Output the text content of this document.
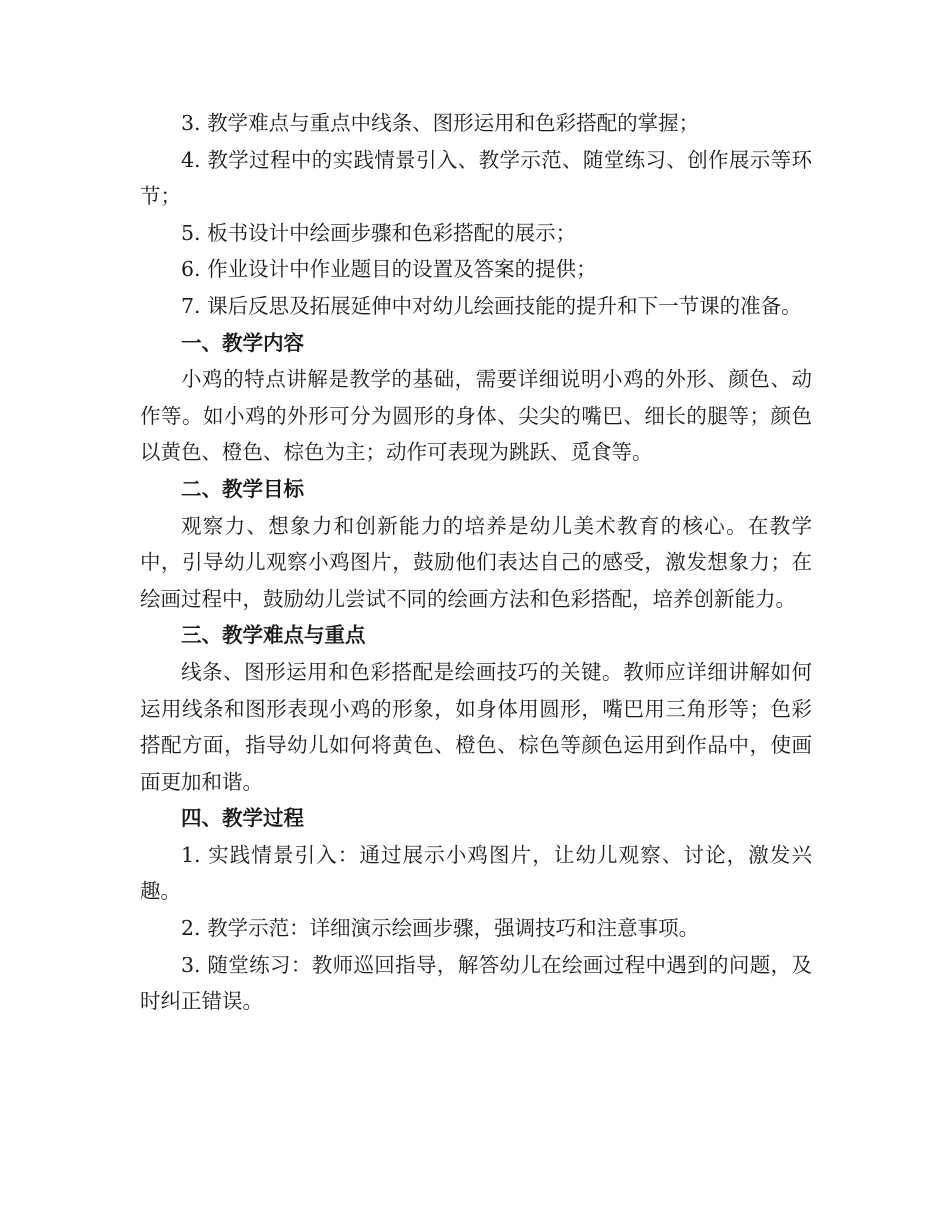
3. 教学难点与重点中线条、图形运用和色彩搭配的掌握；

4. 教学过程中的实践情景引入、教学示范、随堂练习、创作展示等环节；

5. 板书设计中绘画步骤和色彩搭配的展示；

6. 作业设计中作业题目的设置及答案的提供；

7. 课后反思及拓展延伸中对幼儿绘画技能的提升和下一节课的准备。

一、教学内容

小鸡的特点讲解是教学的基础，需要详细说明小鸡的外形、颜色、动作等。如小鸡的外形可分为圆形的身体、尖尖的嘴巴、细长的腿等；颜色以黄色、橙色、棕色为主；动作可表现为跳跃、觅食等。

二、教学目标

观察力、想象力和创新能力的培养是幼儿美术教育的核心。在教学中，引导幼儿观察小鸡图片，鼓励他们表达自己的感受，激发想象力；在绘画过程中，鼓励幼儿尝试不同的绘画方法和色彩搭配，培养创新能力。

三、教学难点与重点

线条、图形运用和色彩搭配是绘画技巧的关键。教师应详细讲解如何运用线条和图形表现小鸡的形象，如身体用圆形，嘴巴用三角形等；色彩搭配方面，指导幼儿如何将黄色、橙色、棕色等颜色运用到作品中，使画面更加和谐。

四、教学过程

1. 实践情景引入：通过展示小鸡图片，让幼儿观察、讨论，激发兴趣。

2. 教学示范：详细演示绘画步骤，强调技巧和注意事项。

3. 随堂练习：教师巡回指导，解答幼儿在绘画过程中遇到的问题，及时纠正错误。
